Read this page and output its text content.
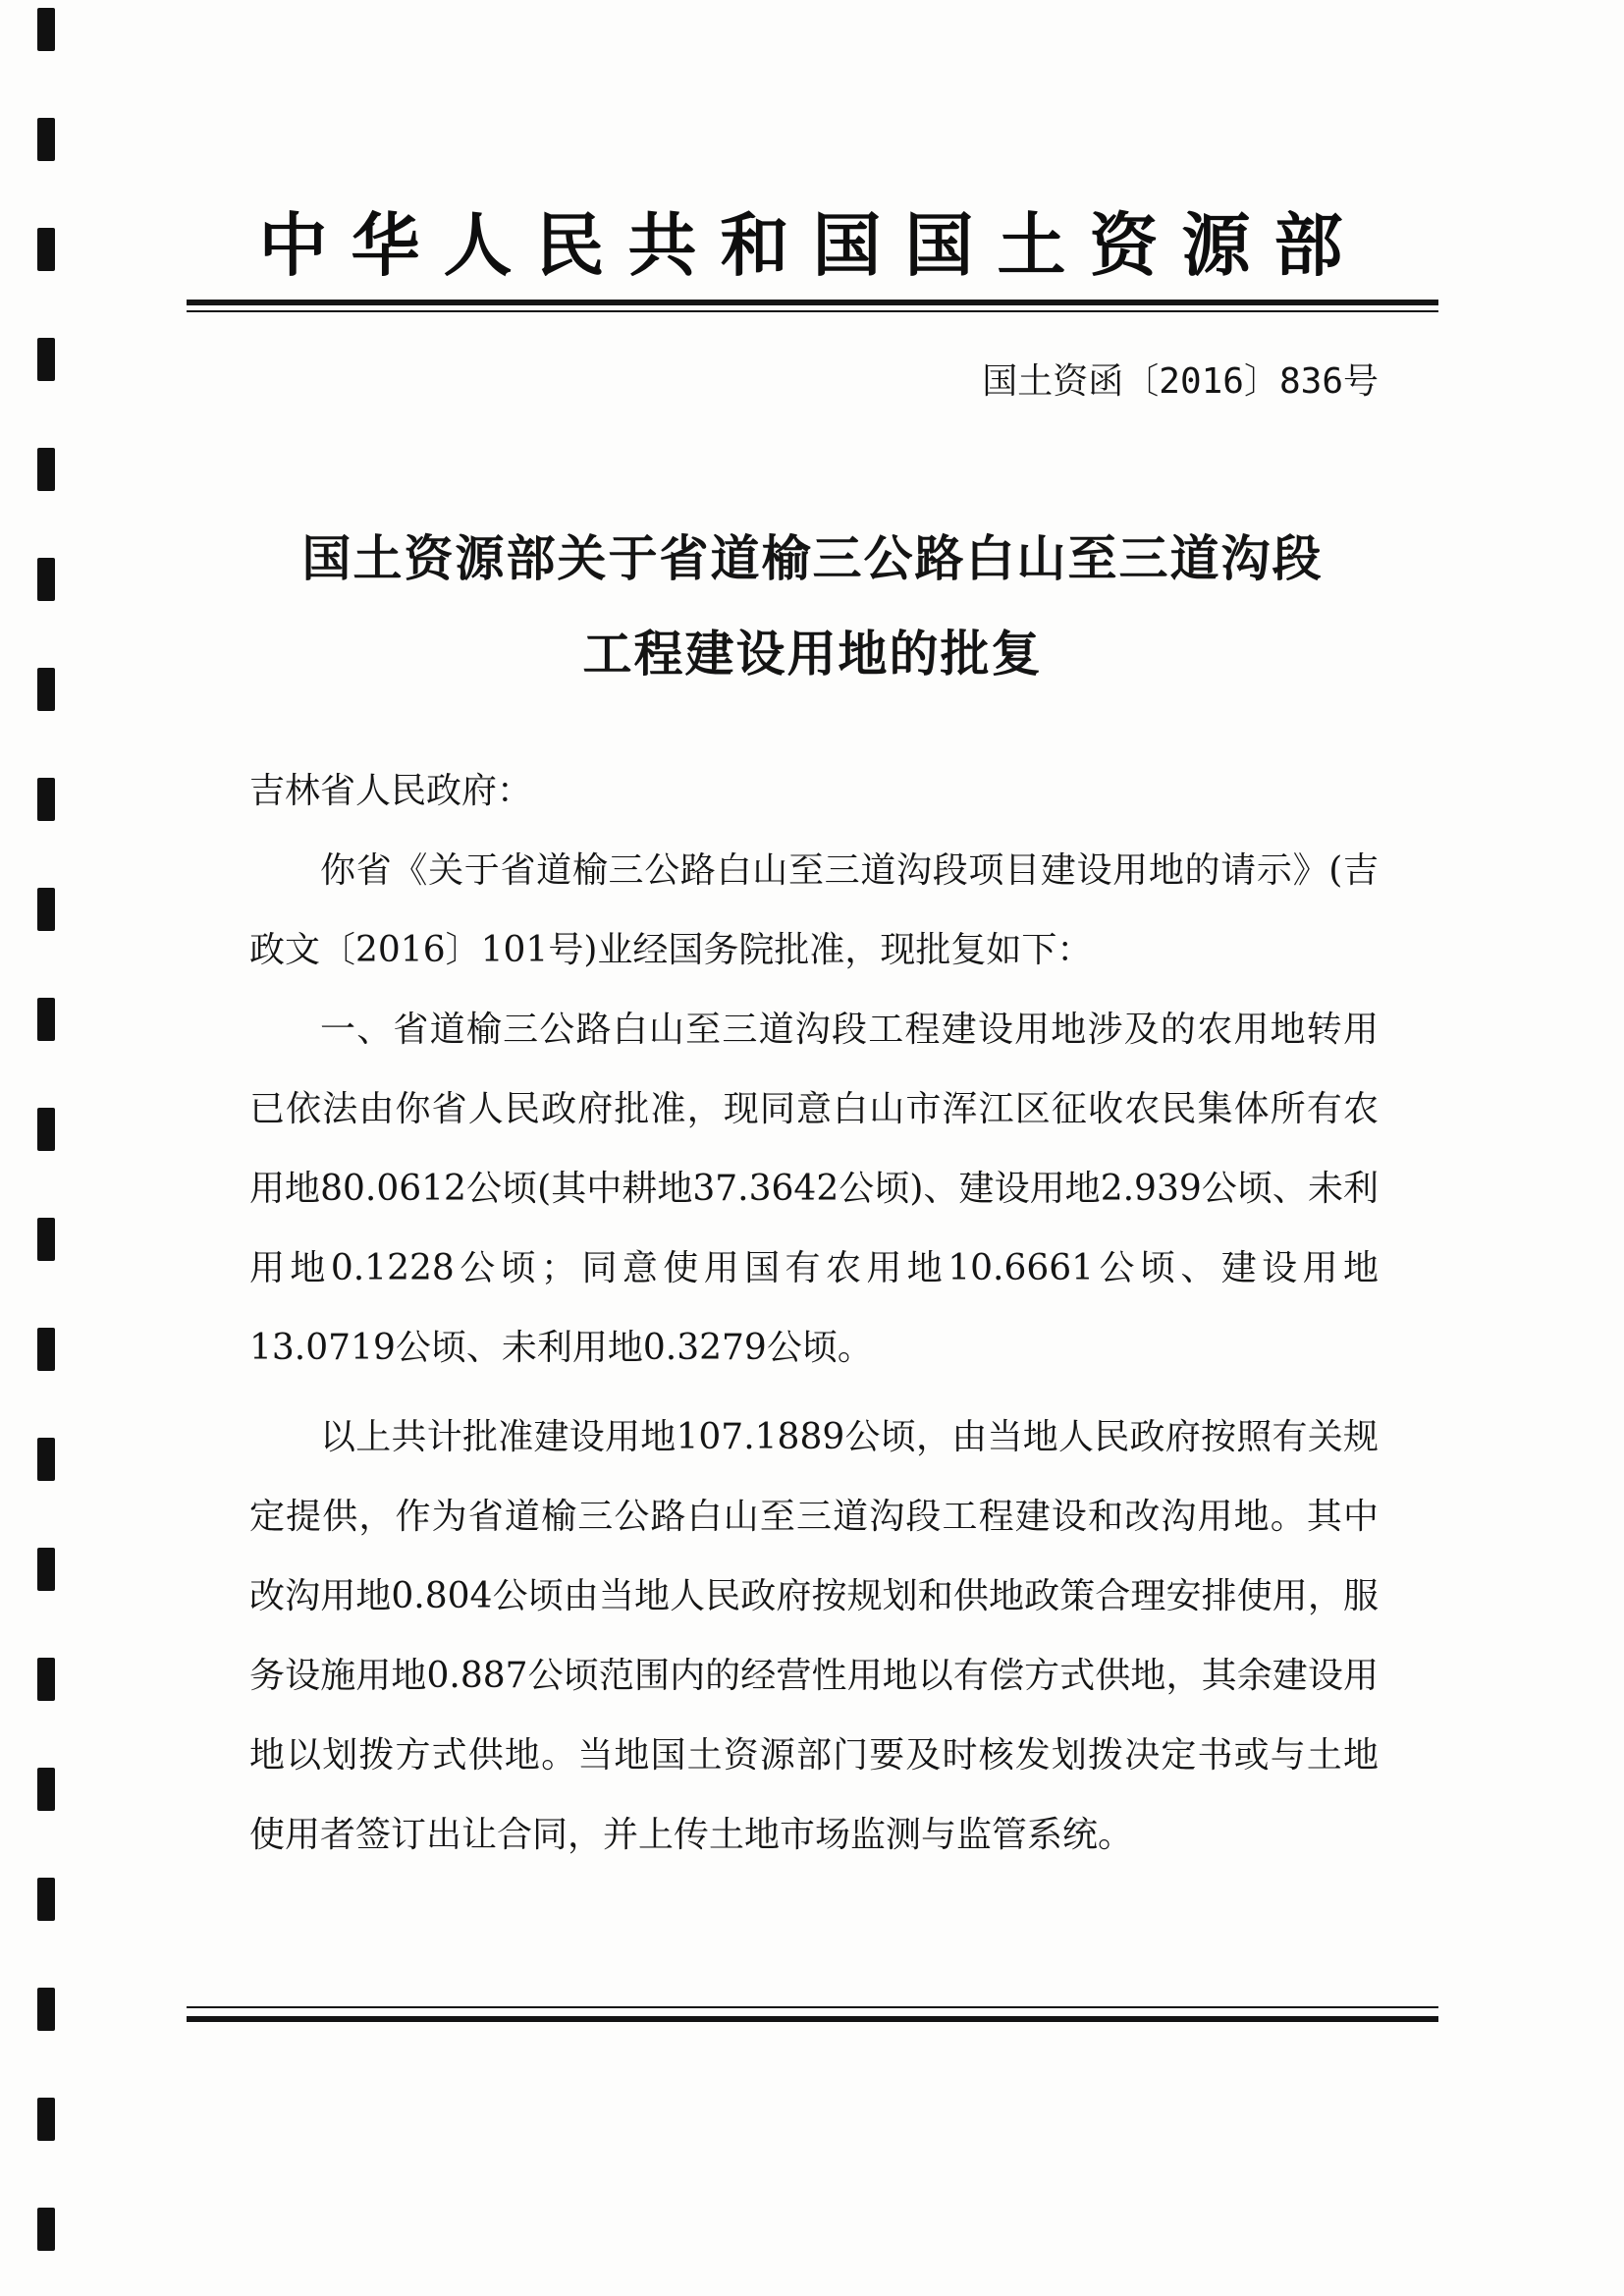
中华人民共和国国土资源部
国土资函〔2016〕836号
国土资源部关于省道榆三公路白山至三道沟段
工程建设用地的批复

吉林省人民政府：

你省《关于省道榆三公路白山至三道沟段项目建设用地的请示》(吉政文〔2016〕101号)业经国务院批准，现批复如下：

一、省道榆三公路白山至三道沟段工程建设用地涉及的农用地转用已依法由你省人民政府批准，现同意白山市浑江区征收农民集体所有农用地80.0612公顷(其中耕地37.3642公顷)、建设用地2.939公顷、未利用地0.1228公顷；同意使用国有农用地10.6661公顷、建设用地13.0719公顷、未利用地0.3279公顷。

以上共计批准建设用地107.1889公顷，由当地人民政府按照有关规定提供，作为省道榆三公路白山至三道沟段工程建设和改沟用地。其中改沟用地0.804公顷由当地人民政府按规划和供地政策合理安排使用，服务设施用地0.887公顷范围内的经营性用地以有偿方式供地，其余建设用地以划拨方式供地。当地国土资源部门要及时核发划拨决定书或与土地使用者签订出让合同，并上传土地市场监测与监管系统。
